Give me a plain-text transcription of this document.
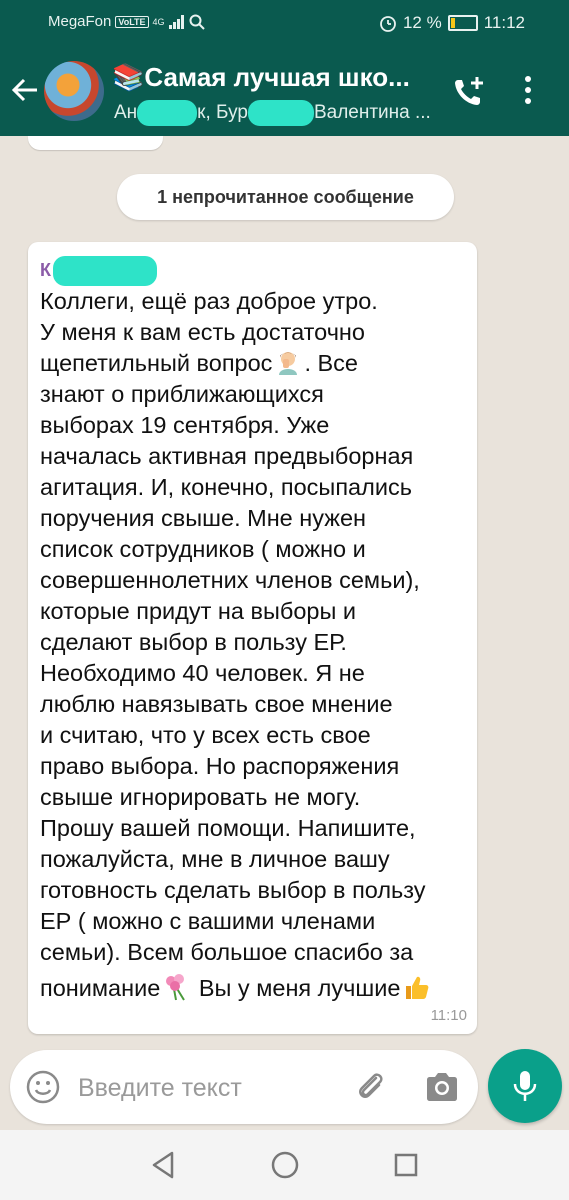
MegaFon VoLTE 4G	12 % 11:12
📚Самая лучшая шко...
Ан	к, Бур	Валентина ...
1 непрочитанное сообщение
К

Коллеги, ещё раз доброе утро.
У меня к вам есть достаточно
щепетильный вопрос . Все
знают о приближающихся
выборах 19 сентября. Уже
началась активная предвыборная
агитация. И, конечно, посыпались
поручения свыше. Мне нужен
список сотрудников ( можно и
совершеннолетних членов семьи),
которые придут на выборы и
сделают выбор в пользу ЕР.
Необходимо 40 человек. Я не
люблю навязывать свое мнение
и считаю, что у всех есть свое
право выбора. Но распоряжения
свыше игнорировать не могу.
Прошу вашей помощи. Напишите,
пожалуйста, мне в личное вашу
готовность сделать выбор в пользу
ЕР ( можно с вашими членами
семьи). Всем большое спасибо за
понимание Вы у меня лучшие

11:10
Введите текст
